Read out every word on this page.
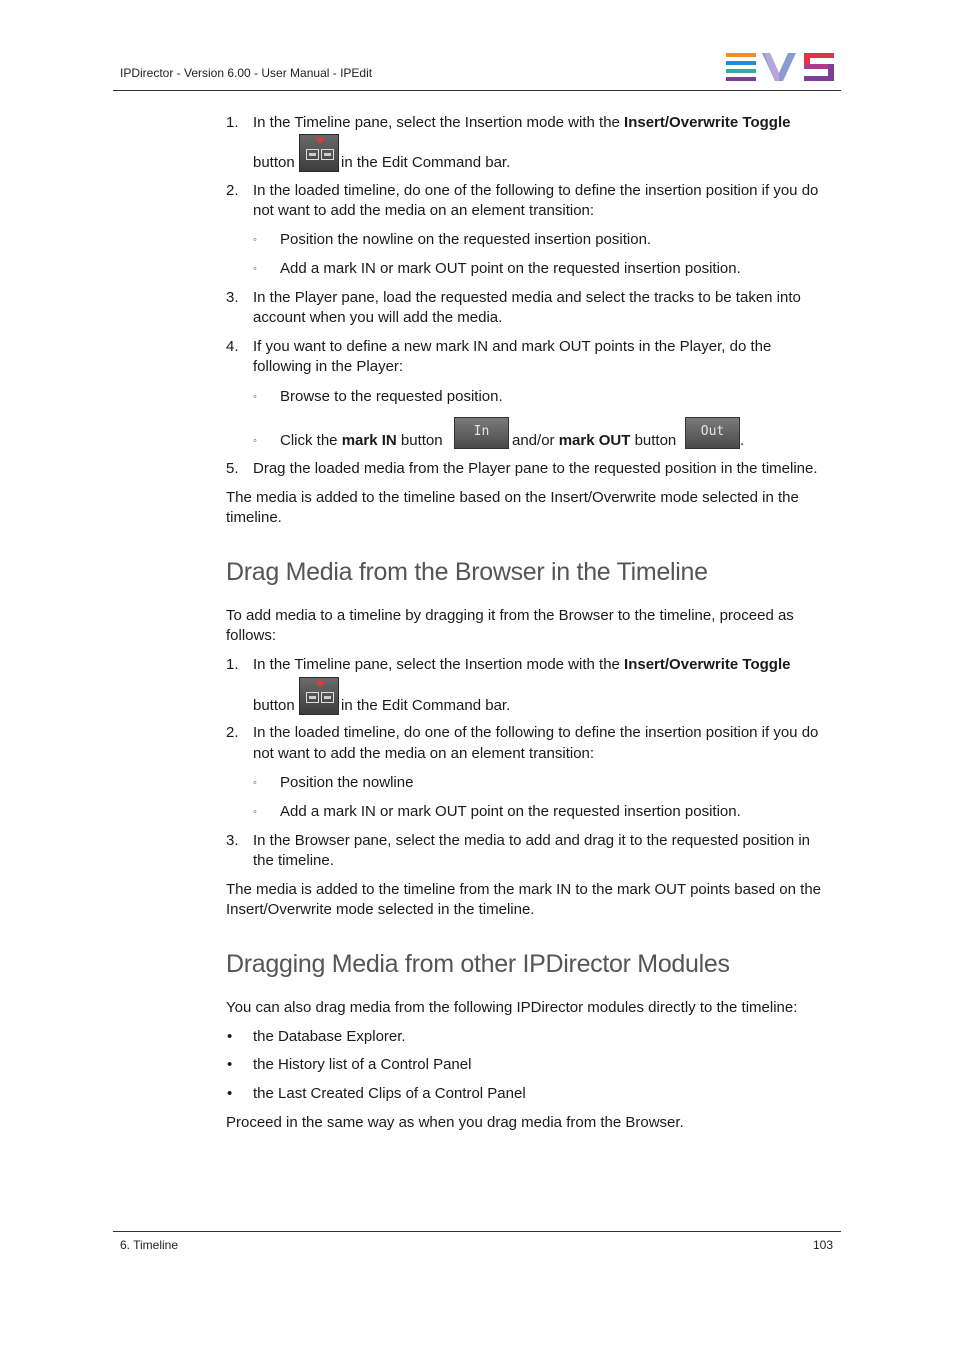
IPDirector - Version 6.00 - User Manual - IPEdit
1. In the Timeline pane, select the Insertion mode with the Insert/Overwrite Toggle
button	in the Edit Command bar.
2. In the loaded timeline, do one of the following to define the insertion position if you do
not want to add the media on an element transition:
◦ Position the nowline on the requested insertion position.
◦ Add a mark IN or mark OUT point on the requested insertion position.
3. In the Player pane, load the requested media and select the tracks to be taken into
account when you will add the media.
4. If you want to define a new mark IN and mark OUT points in the Player, do the
following in the Player:
◦ Browse to the requested position.
◦ Click the mark IN button
In
and/or mark OUT button
Out
.
5. Drag the loaded media from the Player pane to the requested position in the timeline.
The media is added to the timeline based on the Insert/Overwrite mode selected in the
timeline.
Drag Media from the Browser in the Timeline
To add media to a timeline by dragging it from the Browser to the timeline, proceed as
follows:
1. In the Timeline pane, select the Insertion mode with the Insert/Overwrite Toggle
button	in the Edit Command bar.
2. In the loaded timeline, do one of the following to define the insertion position if you do
not want to add the media on an element transition:
◦ Position the nowline
◦ Add a mark IN or mark OUT point on the requested insertion position.
3. In the Browser pane, select the media to add and drag it to the requested position in
the timeline.
The media is added to the timeline from the mark IN to the mark OUT points based on the
Insert/Overwrite mode selected in the timeline.
Dragging Media from other IPDirector Modules
You can also drag media from the following IPDirector modules directly to the timeline:
• the Database Explorer.
• the History list of a Control Panel
• the Last Created Clips of a Control Panel
Proceed in the same way as when you drag media from the Browser.
6. Timeline	103
